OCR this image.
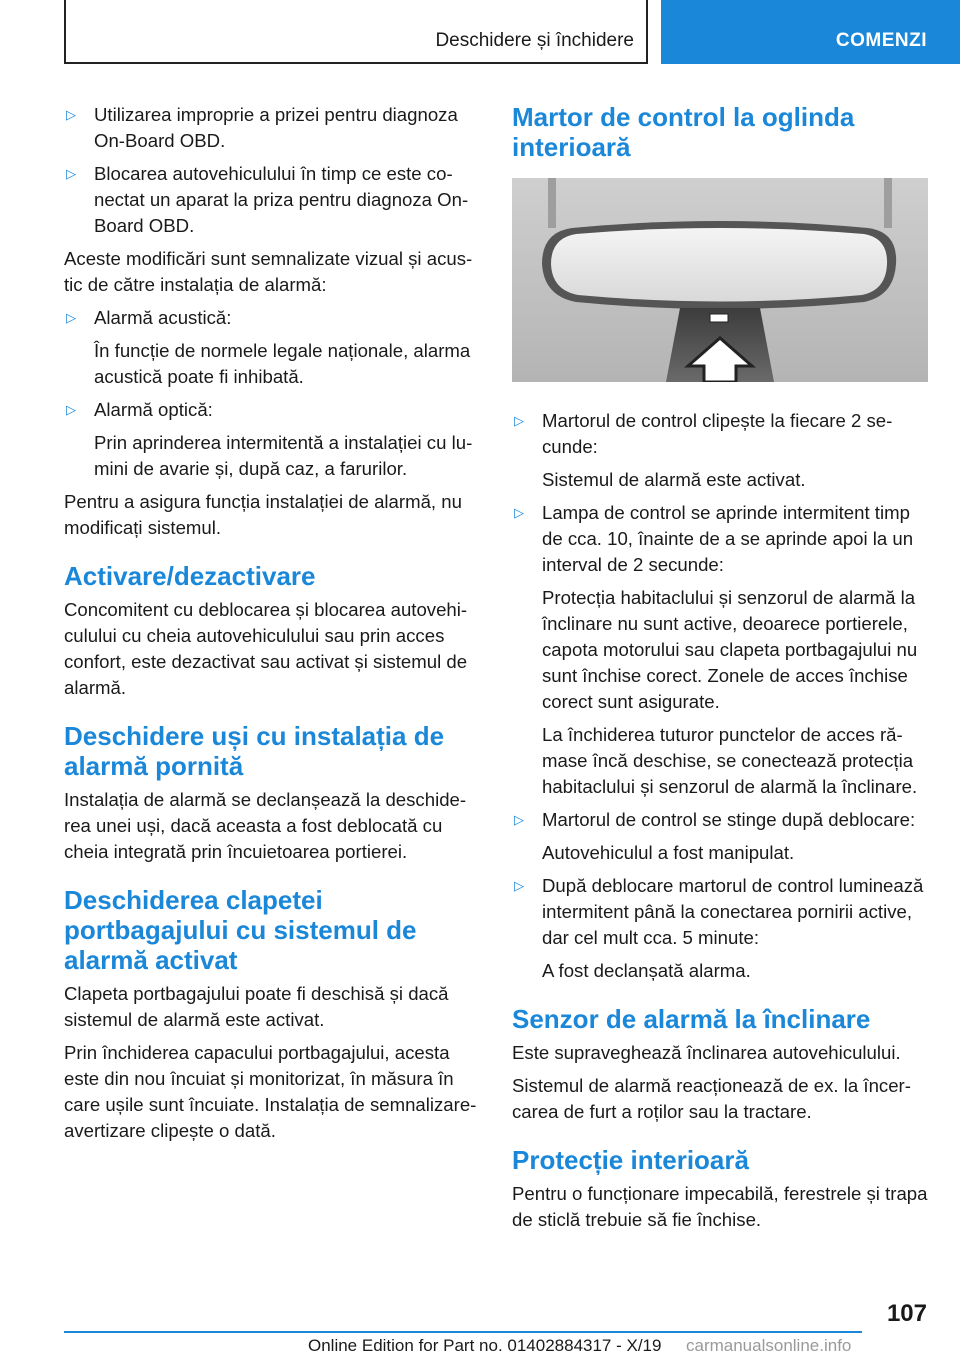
Deschidere și închidere	COMENZI
▷ Utilizarea improprie a prizei pentru diagnoza On-Board OBD.
▷ Blocarea autovehiculului în timp ce este conectat un aparat la priza pentru diagnoza On-Board OBD.

Aceste modificări sunt semnalizate vizual și acustic de către instalația de alarmă:

▷ Alarmă acustică:

În funcție de normele legale naționale, alarma acustică poate fi inhibată.

▷ Alarmă optică:

Prin aprinderea intermitentă a instalației cu lumini de avarie și, după caz, a farurilor.

Pentru a asigura funcția instalației de alarmă, nu modificați sistemul.

Activare/dezactivare

Concomitent cu deblocarea și blocarea autovehiculului cu cheia autovehiculului sau prin acces confort, este dezactivat sau activat și sistemul de alarmă.

Deschidere uși cu instalația de alarmă pornită

Instalația de alarmă se declanșează la deschiderea unei uși, dacă aceasta a fost deblocată cu cheia integrată prin încuietoarea portierei.

Deschiderea clapetei portbagajului cu sistemul de alarmă activat

Clapeta portbagajului poate fi deschisă și dacă sistemul de alarmă este activat.

Prin închiderea capacului portbagajului, acesta este din nou încuiat și monitorizat, în măsura în care ușile sunt încuiate. Instalația de semnalizare-avertizare clipește o dată.

Martor de control la oglinda interioară
▷ Martorul de control clipește la fiecare 2 secunde:

Sistemul de alarmă este activat.

▷ Lampa de control se aprinde intermitent timp de cca. 10, înainte de a se aprinde apoi la un interval de 2 secunde:

Protecția habitaclului și senzorul de alarmă la înclinare nu sunt active, deoarece portierele, capota motorului sau clapeta portbagajului nu sunt închise corect. Zonele de acces închise corect sunt asigurate.

La închiderea tuturor punctelor de acces rămase încă deschise, se conectează protecția habitaclului și senzorul de alarmă la înclinare.

▷ Martorul de control se stinge după deblocare:

Autovehiculul a fost manipulat.

▷ După deblocare martorul de control luminează intermitent până la conectarea pornirii active, dar cel mult cca. 5 minute:

A fost declanșată alarma.

Senzor de alarmă la înclinare

Este supraveghează înclinarea autovehiculului.

Sistemul de alarmă reacționează de ex. la încercarea de furt a roților sau la tractare.

Protecție interioară

Pentru o funcționare impecabilă, ferestrele și trapa de sticlă trebuie să fie închise.

107
Online Edition for Part no. 01402884317 - X/19 carmanualsonline.info
